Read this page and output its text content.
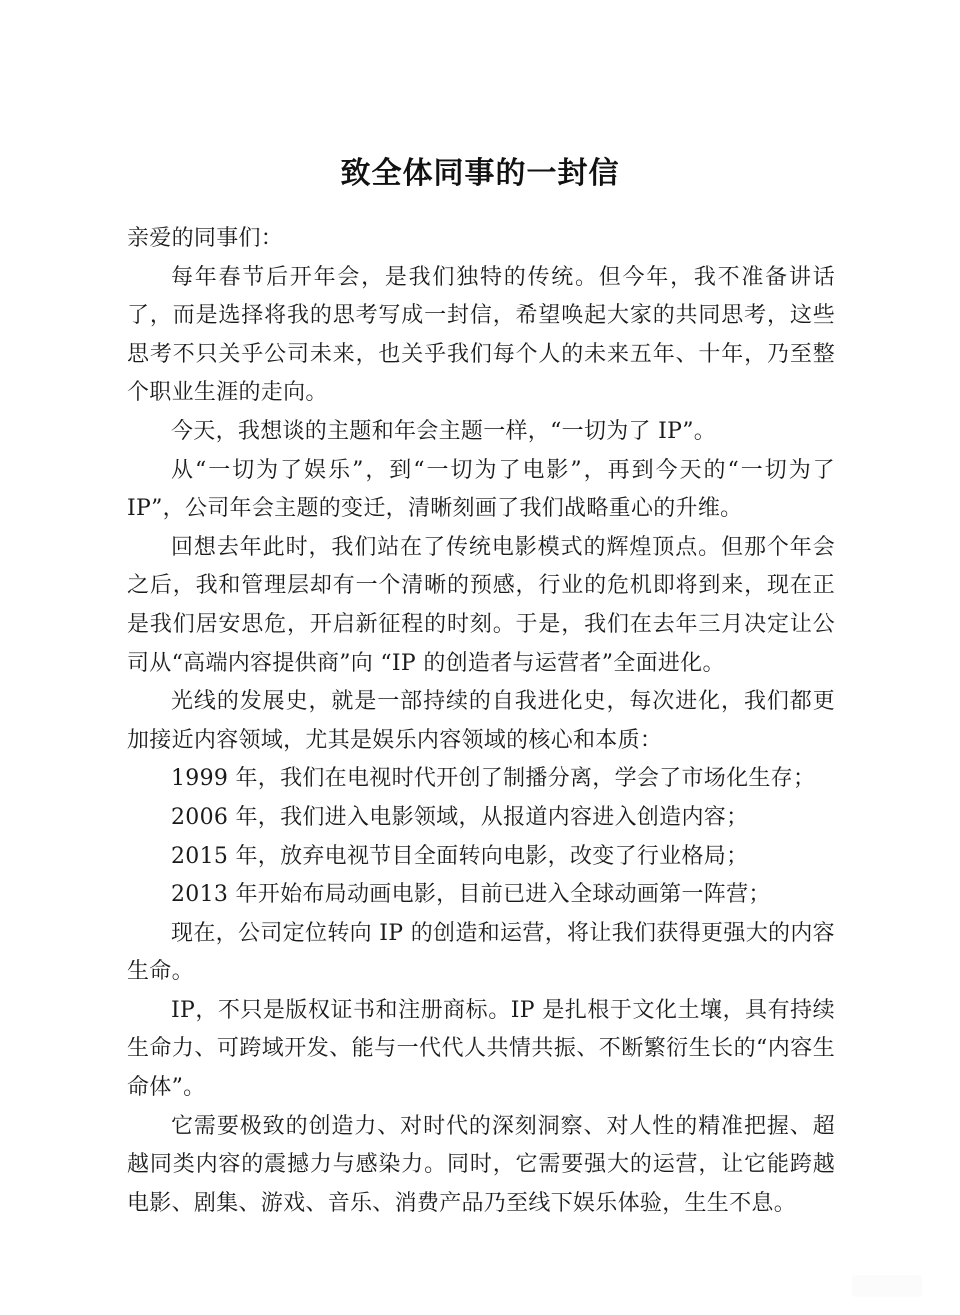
致全体同事的一封信

亲爱的同事们：

每年春节后开年会，是我们独特的传统。但今年，我不准备讲话了，而是选择将我的思考写成一封信，希望唤起大家的共同思考，这些思考不只关乎公司未来，也关乎我们每个人的未来五年、十年，乃至整个职业生涯的走向。

今天，我想谈的主题和年会主题一样，“一切为了 IP”。

从“一切为了娱乐”，到“一切为了电影”，再到今天的“一切为了 IP”，公司年会主题的变迁，清晰刻画了我们战略重心的升维。

回想去年此时，我们站在了传统电影模式的辉煌顶点。但那个年会之后，我和管理层却有一个清晰的预感，行业的危机即将到来，现在正是我们居安思危，开启新征程的时刻。于是，我们在去年三月决定让公司从“高端内容提供商”向 “IP 的创造者与运营者”全面进化。

光线的发展史，就是一部持续的自我进化史，每次进化，我们都更加接近内容领域，尤其是娱乐内容领域的核心和本质：

1999 年，我们在电视时代开创了制播分离，学会了市场化生存；

2006 年，我们进入电影领域，从报道内容进入创造内容；

2015 年，放弃电视节目全面转向电影，改变了行业格局；

2013 年开始布局动画电影，目前已进入全球动画第一阵营；

现在，公司定位转向 IP 的创造和运营，将让我们获得更强大的内容生命。

IP，不只是版权证书和注册商标。IP 是扎根于文化土壤，具有持续生命力、可跨域开发、能与一代代人共情共振、不断繁衍生长的“内容生命体”。

它需要极致的创造力、对时代的深刻洞察、对人性的精准把握、超越同类内容的震撼力与感染力。同时，它需要强大的运营，让它能跨越电影、剧集、游戏、音乐、消费产品乃至线下娱乐体验，生生不息。
